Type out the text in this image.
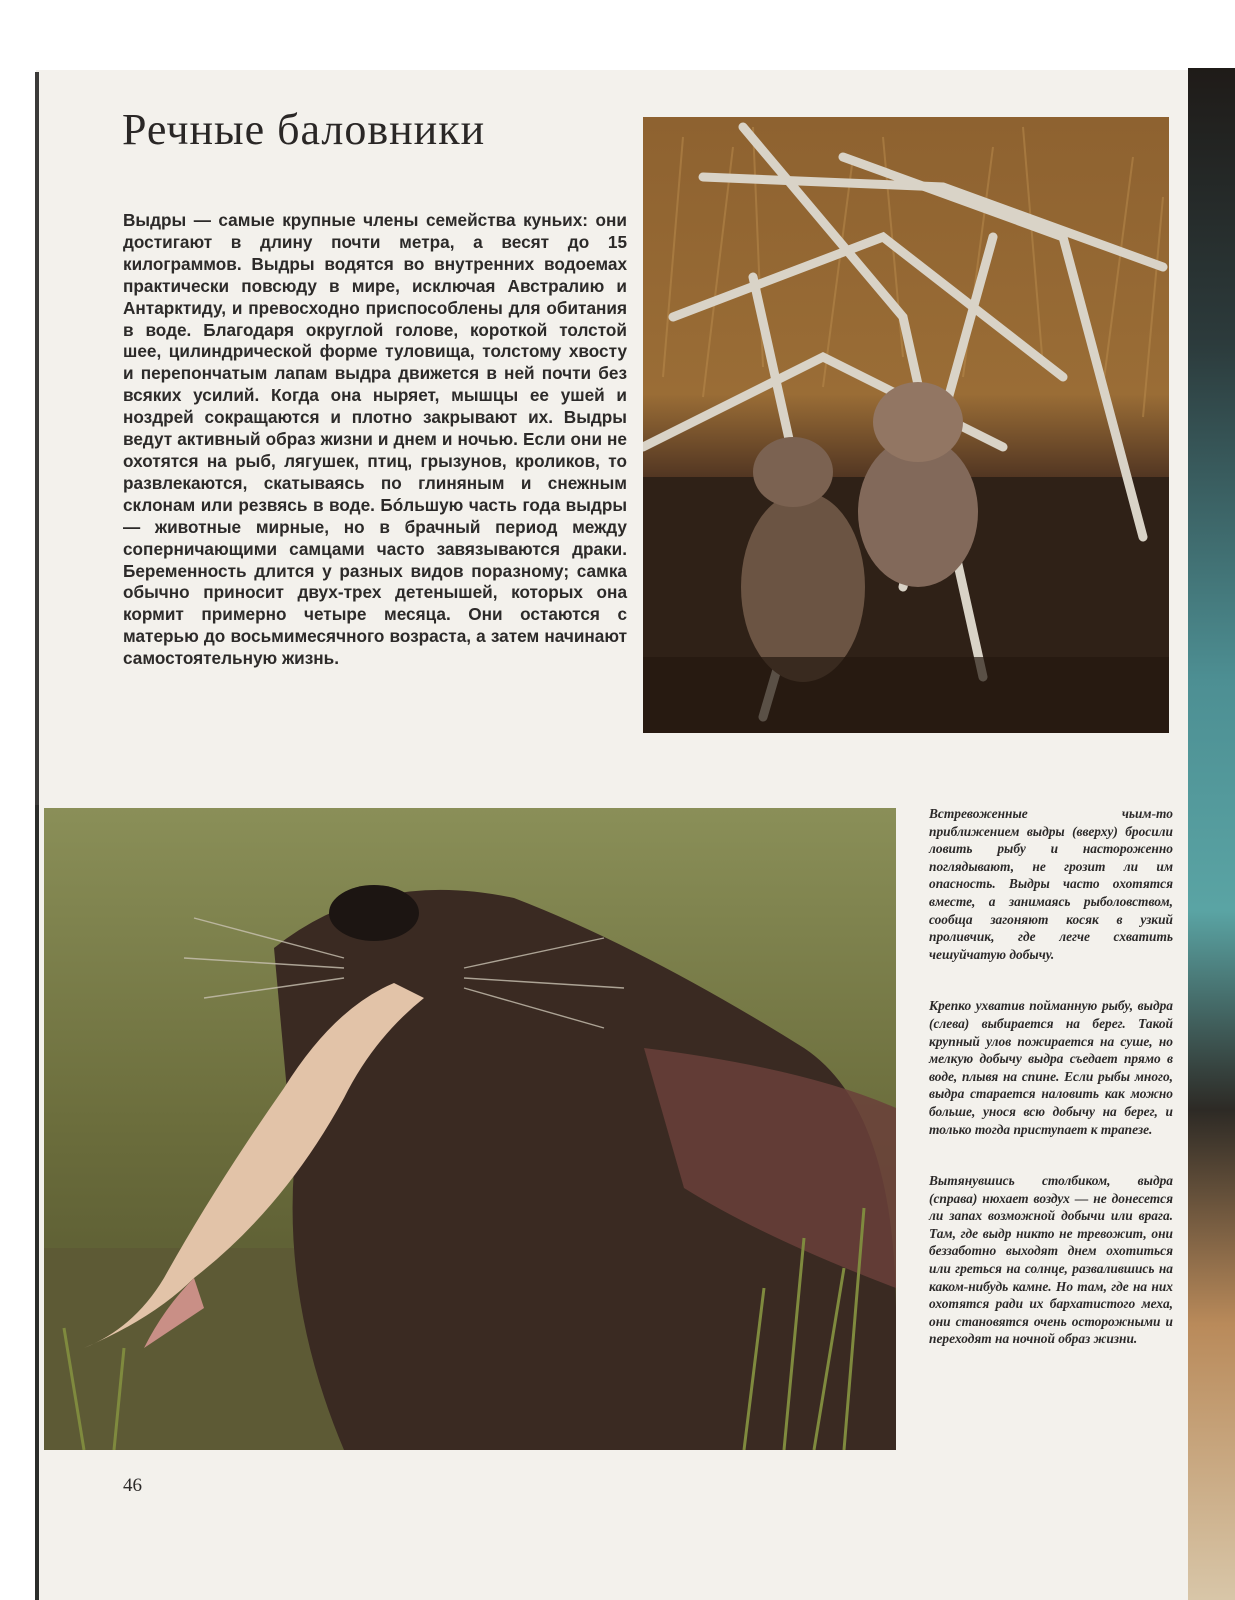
Речные баловники

Выдры — самые крупные члены семейства куньих: они достигают в длину почти метра, а весят до 15 килограммов. Выдры водятся во внутренних водоемах практически повсюду в мире, исключая Австралию и Антарктиду, и превосходно приспособлены для обитания в воде. Благодаря округлой голове, короткой толстой шее, цилиндрической форме туловища, толстому хвосту и перепончатым лапам выдра движется в ней почти без всяких усилий. Когда она ныряет, мышцы ее ушей и ноздрей сокращаются и плотно закрывают их. Выдры ведут активный образ жизни и днем и ночью. Если они не охотятся на рыб, лягушек, птиц, грызунов, кроликов, то развлекаются, скатываясь по глиняным и снежным склонам или резвясь в воде. Бóльшую часть года выдры — животные мирные, но в брачный период между соперничающими самцами часто завязываются драки. Беременность длится у разных видов поразному; самка обычно приносит двух-трех детенышей, которых она кормит примерно четыре месяца. Они остаются с матерью до восьмимесячного возраста, а затем начинают самостоятельную жизнь.

Встревоженные чьим-то приближением выдры (вверху) бросили ловить рыбу и настороженно поглядывают, не грозит ли им опасность. Выдры часто охотятся вместе, а занимаясь рыболовством, сообща загоняют косяк в узкий проливчик, где легче схватить чешуйчатую добычу.

Крепко ухватив пойманную рыбу, выдра (слева) выбирается на берег. Такой крупный улов пожирается на суше, но мелкую добычу выдра съедает прямо в воде, плывя на спине. Если рыбы много, выдра старается наловить как можно больше, унося всю добычу на берег, и только тогда приступает к трапезе.

Вытянувшись столбиком, выдра (справа) нюхает воздух — не донесется ли запах возможной добычи или врага. Там, где выдр никто не тревожит, они беззаботно выходят днем охотиться или греться на солнце, развалившись на каком-нибудь камне. Но там, где на них охотятся ради их бархатистого меха, они становятся очень осторожными и переходят на ночной образ жизни.

46
